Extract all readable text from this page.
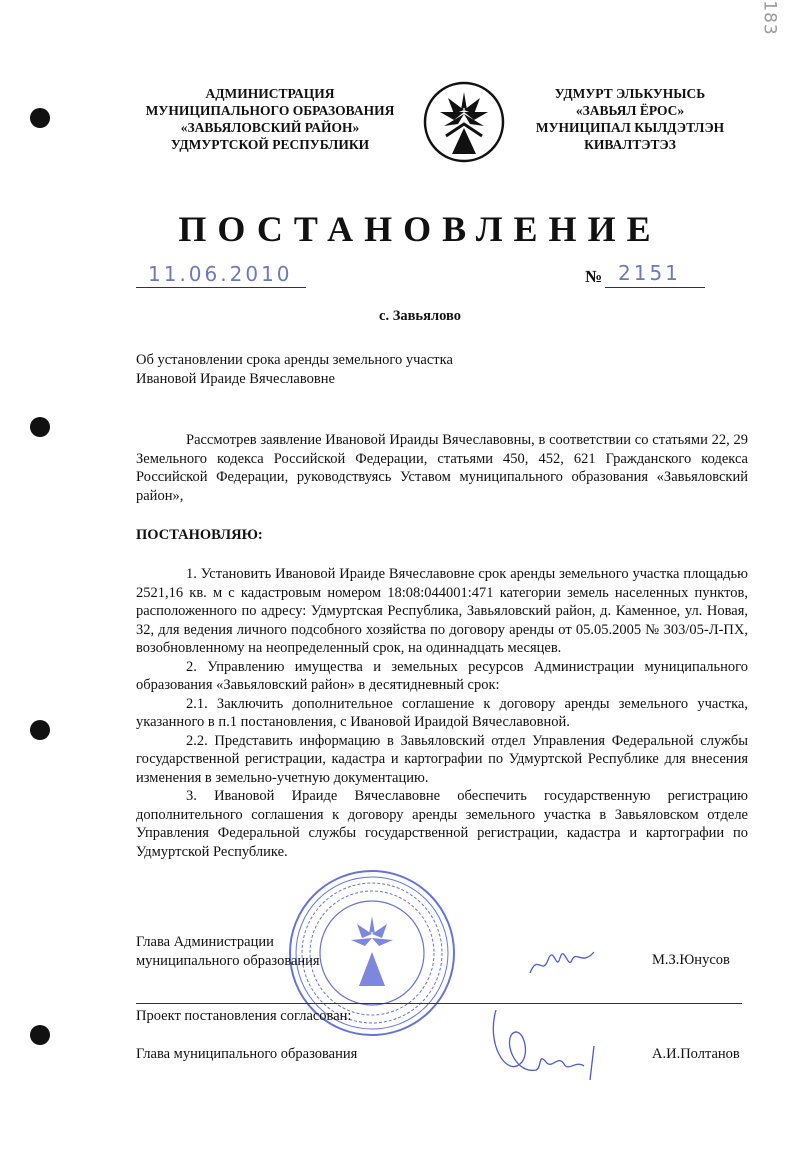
183
АДМИНИСТРАЦИЯ
МУНИЦИПАЛЬНОГО ОБРАЗОВАНИЯ
«ЗАВЬЯЛОВСКИЙ РАЙОН»
УДМУРТСКОЙ РЕСПУБЛИКИ
УДМУРТ ЭЛЬКУНЫСЬ
«ЗАВЬЯЛ ЁРОС»
МУНИЦИПАЛ КЫЛДЭТЛЭН
КИВАЛТЭТЭЗ
ПОСТАНОВЛЕНИЕ
11.06.2010	№ 2151
с. Завьялово
Об установлении срока аренды земельного участка
Ивановой Ираиде Вячеславовне

Рассмотрев заявление Ивановой Ираиды Вячеславовны, в соответствии со статьями 22, 29 Земельного кодекса Российской Федерации, статьями 450, 452, 621 Гражданского кодекса Российской Федерации, руководствуясь Уставом муниципального образования «Завьяловский район»,

ПОСТАНОВЛЯЮ:

1. Установить Ивановой Ираиде Вячеславовне срок аренды земельного участка площадью 2521,16 кв. м с кадастровым номером 18:08:044001:471 категории земель населенных пунктов, расположенного по адресу: Удмуртская Республика, Завьяловский район, д. Каменное, ул. Новая, 32, для ведения личного подсобного хозяйства по договору аренды от 05.05.2005 № 303/05-Л-ПХ, возобновленному на неопределенный срок, на одиннадцать месяцев.

2. Управлению имущества и земельных ресурсов Администрации муниципального образования «Завьяловский район» в десятидневный срок:

2.1. Заключить дополнительное соглашение к договору аренды земельного участка, указанного в п.1 постановления, с Ивановой Ираидой Вячеславовной.

2.2. Представить информацию в Завьяловский отдел Управления Федеральной службы государственной регистрации, кадастра и картографии по Удмуртской Республике для внесения изменения в земельно-учетную документацию.

3. Ивановой Ираиде Вячеславовне обеспечить государственную регистрацию дополнительного соглашения к договору аренды земельного участка в Завьяловском отделе Управления Федеральной службы государственной регистрации, кадастра и картографии по Удмуртской Республике.

Глава Администрации
муниципального образования	М.З.Юнусов
Проект постановления согласован:
Глава муниципального образования	А.И.Полтанов
